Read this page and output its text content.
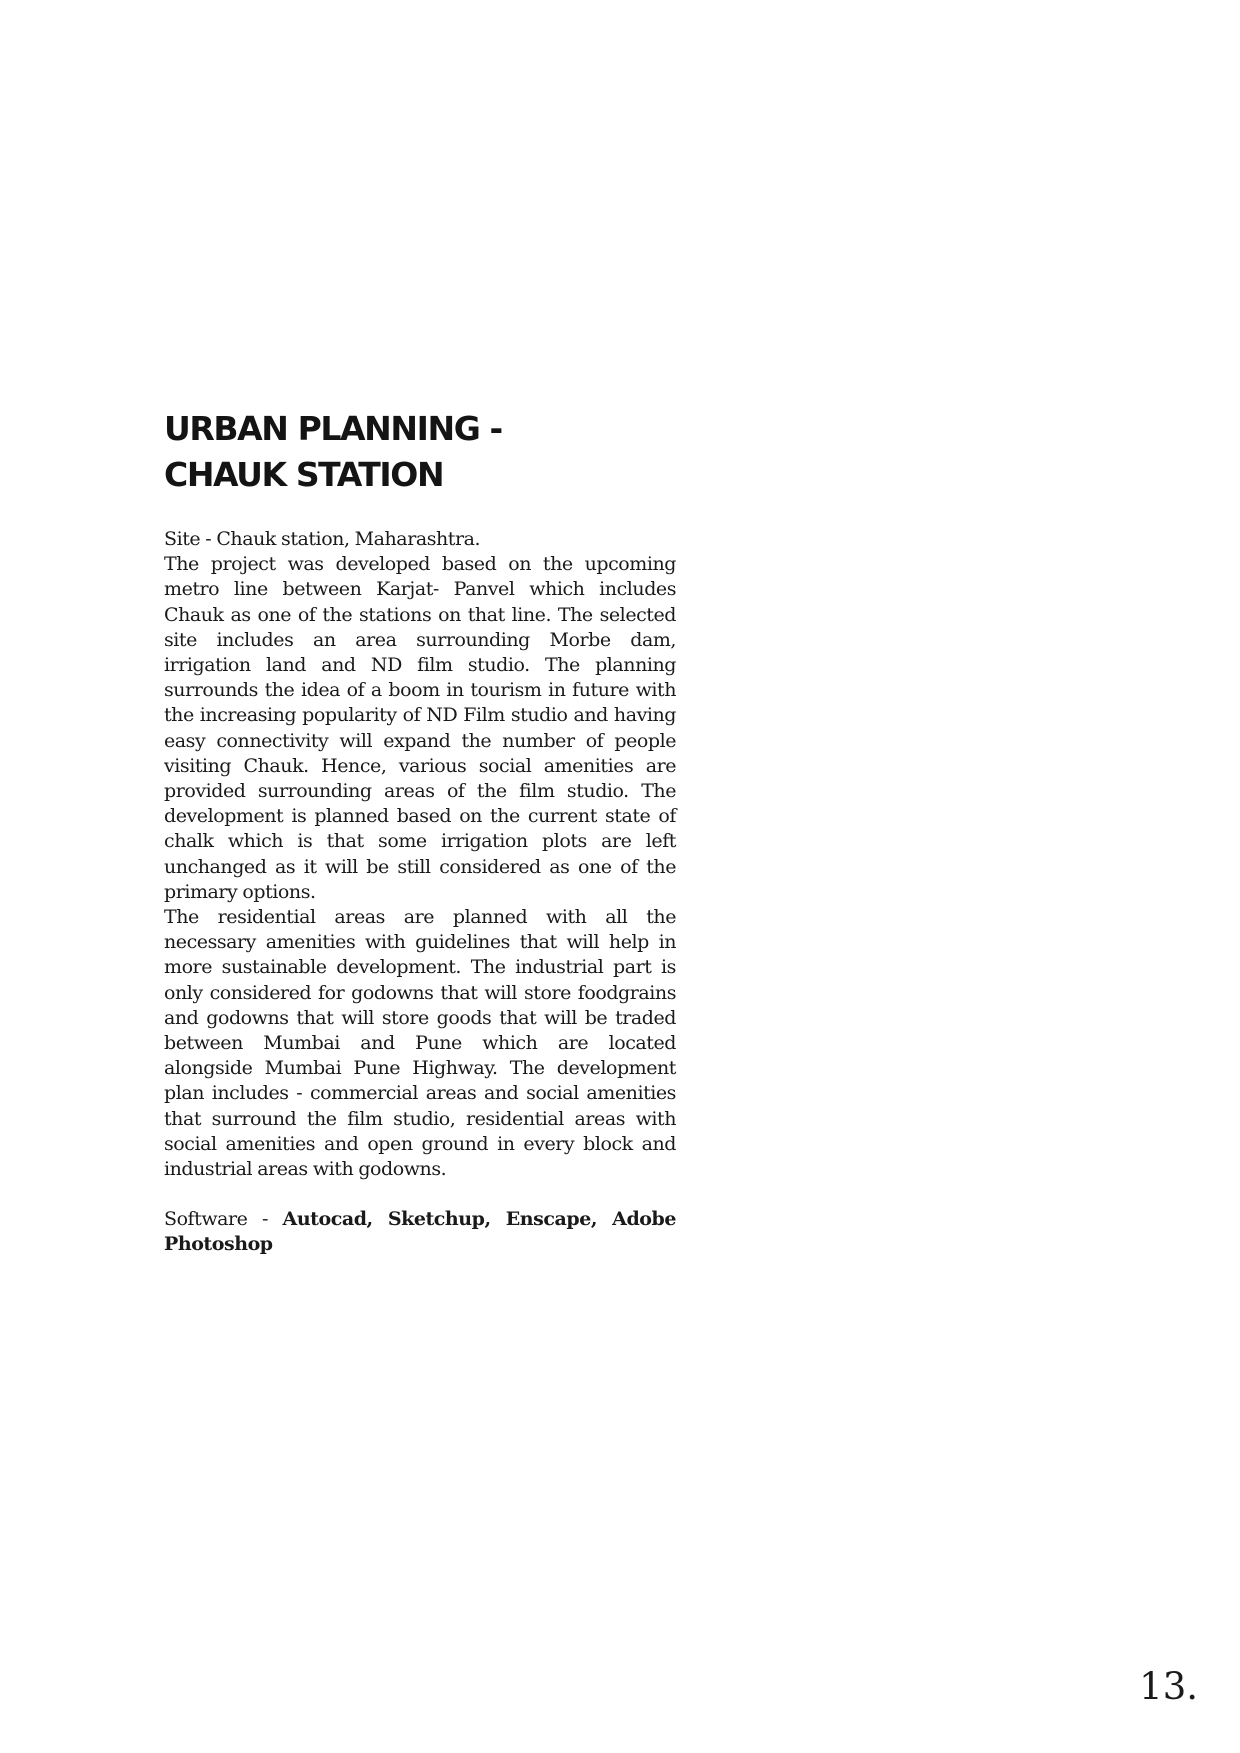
URBAN PLANNING -
CHAUK STATION

Site - Chauk station, Maharashtra.

The project was developed based on the upcoming metro line between Karjat- Panvel which includes Chauk as one of the stations on that line. The selected site includes an area surrounding Morbe dam, irrigation land and ND film studio. The planning surrounds the idea of a boom in tourism in future with the increasing popularity of ND Film studio and having easy connectivity will expand the number of people visiting Chauk. Hence, various social amenities are provided surrounding areas of the film studio. The development is planned based on the current state of chalk which is that some irrigation plots are left unchanged as it will be still considered as one of the primary options.

The residential areas are planned with all the necessary amenities with guidelines that will help in more sustainable development. The industrial part is only considered for godowns that will store foodgrains and godowns that will store goods that will be traded between Mumbai and Pune which are located alongside Mumbai Pune Highway. The development plan includes - commercial areas and social amenities that surround the film studio, residential areas with social amenities and open ground in every block and industrial areas with godowns.

Software - Autocad, Sketchup, Enscape, Adobe Photoshop

13.
